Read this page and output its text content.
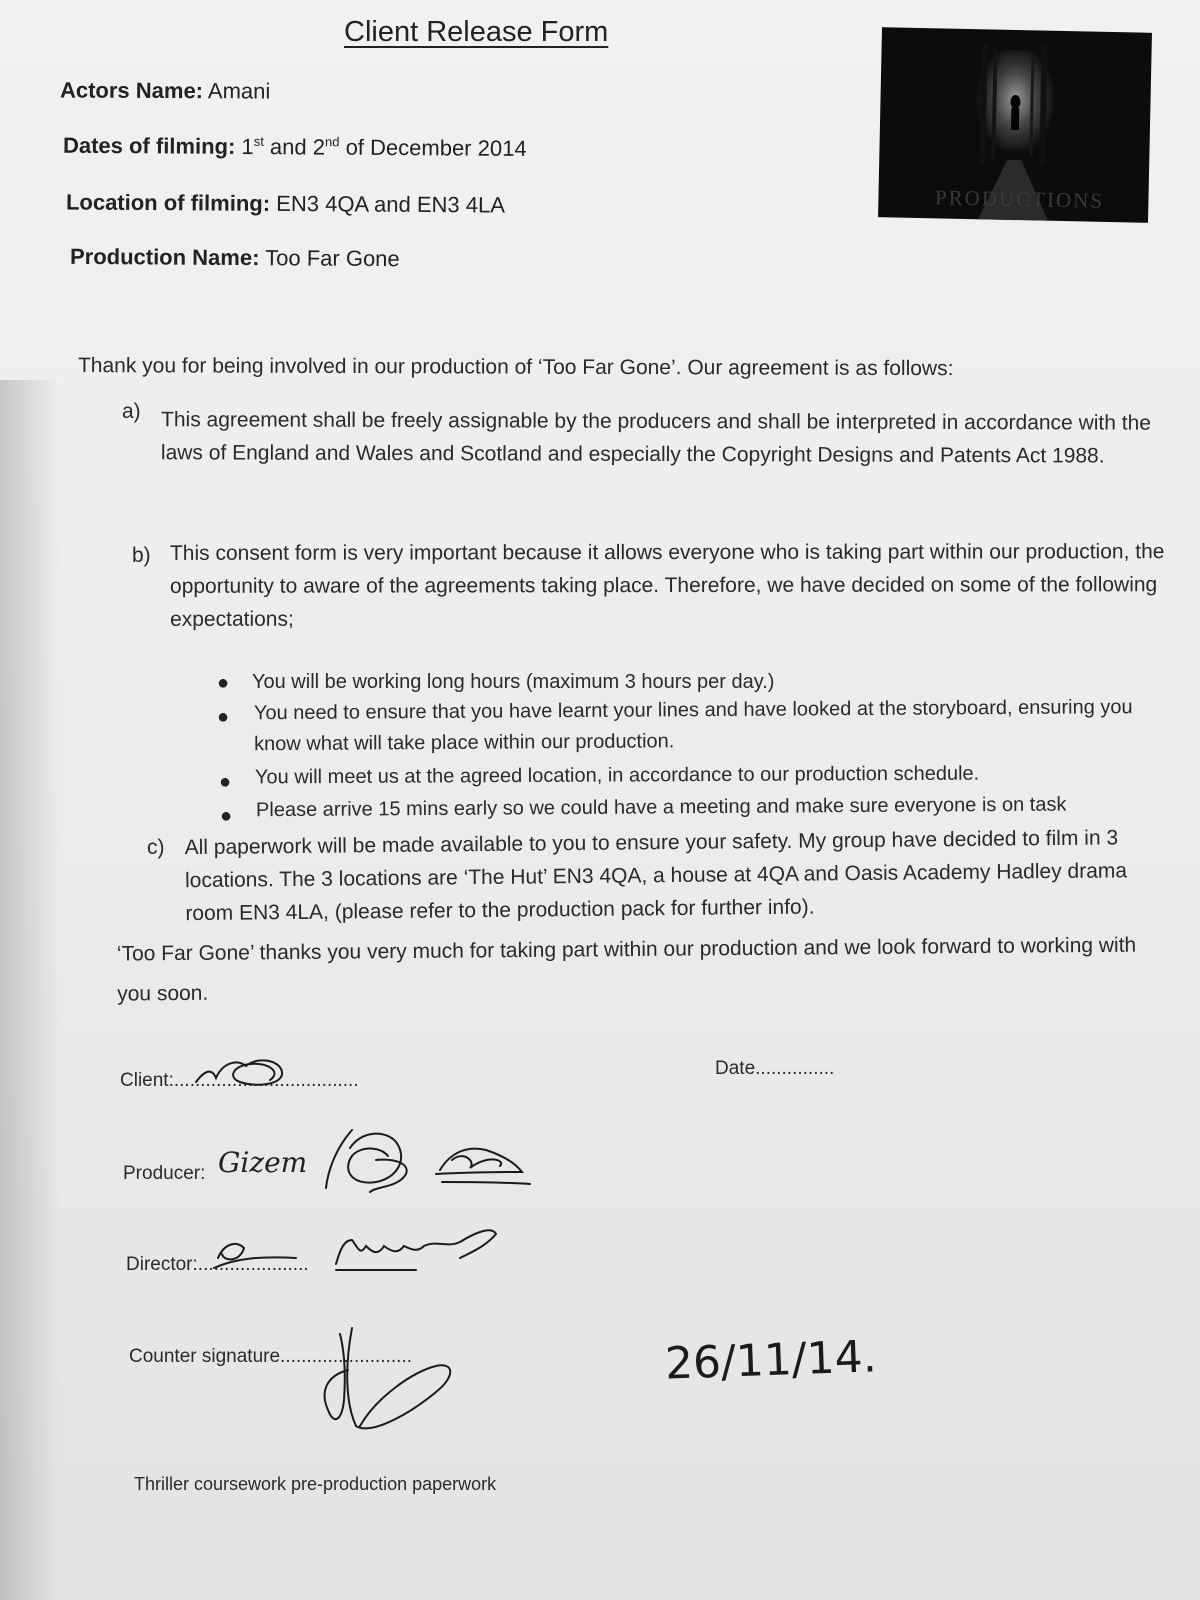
Client Release Form
Actors Name: Amani
Dates of filming: 1st and 2nd of December 2014
Location of filming: EN3 4QA and EN3 4LA
Production Name: Too Far Gone
PRODUCTIONS
Thank you for being involved in our production of ‘Too Far Gone’. Our agreement is as follows:
a) This agreement shall be freely assignable by the producers and shall be interpreted in accordance with the laws of England and Wales and Scotland and especially the Copyright Designs and Patents Act 1988.
b) This consent form is very important because it allows everyone who is taking part within our production, the opportunity to aware of the agreements taking place. Therefore, we have decided on some of the following expectations;
● You will be working long hours (maximum 3 hours per day.)
● You need to ensure that you have learnt your lines and have looked at the storyboard, ensuring you know what will take place within our production.
● You will meet us at the agreed location, in accordance to our production schedule.
● Please arrive 15 mins early so we could have a meeting and make sure everyone is on task
c) All paperwork will be made available to you to ensure your safety. My group have decided to film in 3 locations. The 3 locations are ‘The Hut’ EN3 4QA, a house at 4QA and Oasis Academy Hadley drama room EN3 4LA, (please refer to the production pack for further info).
‘Too Far Gone’ thanks you very much for taking part within our production and we look forward to working with you soon.
Client:...................................
Date...............
Producer: Gizem
Director:.....................
Counter signature.........................	26/11/14.
Thriller coursework pre-production paperwork
